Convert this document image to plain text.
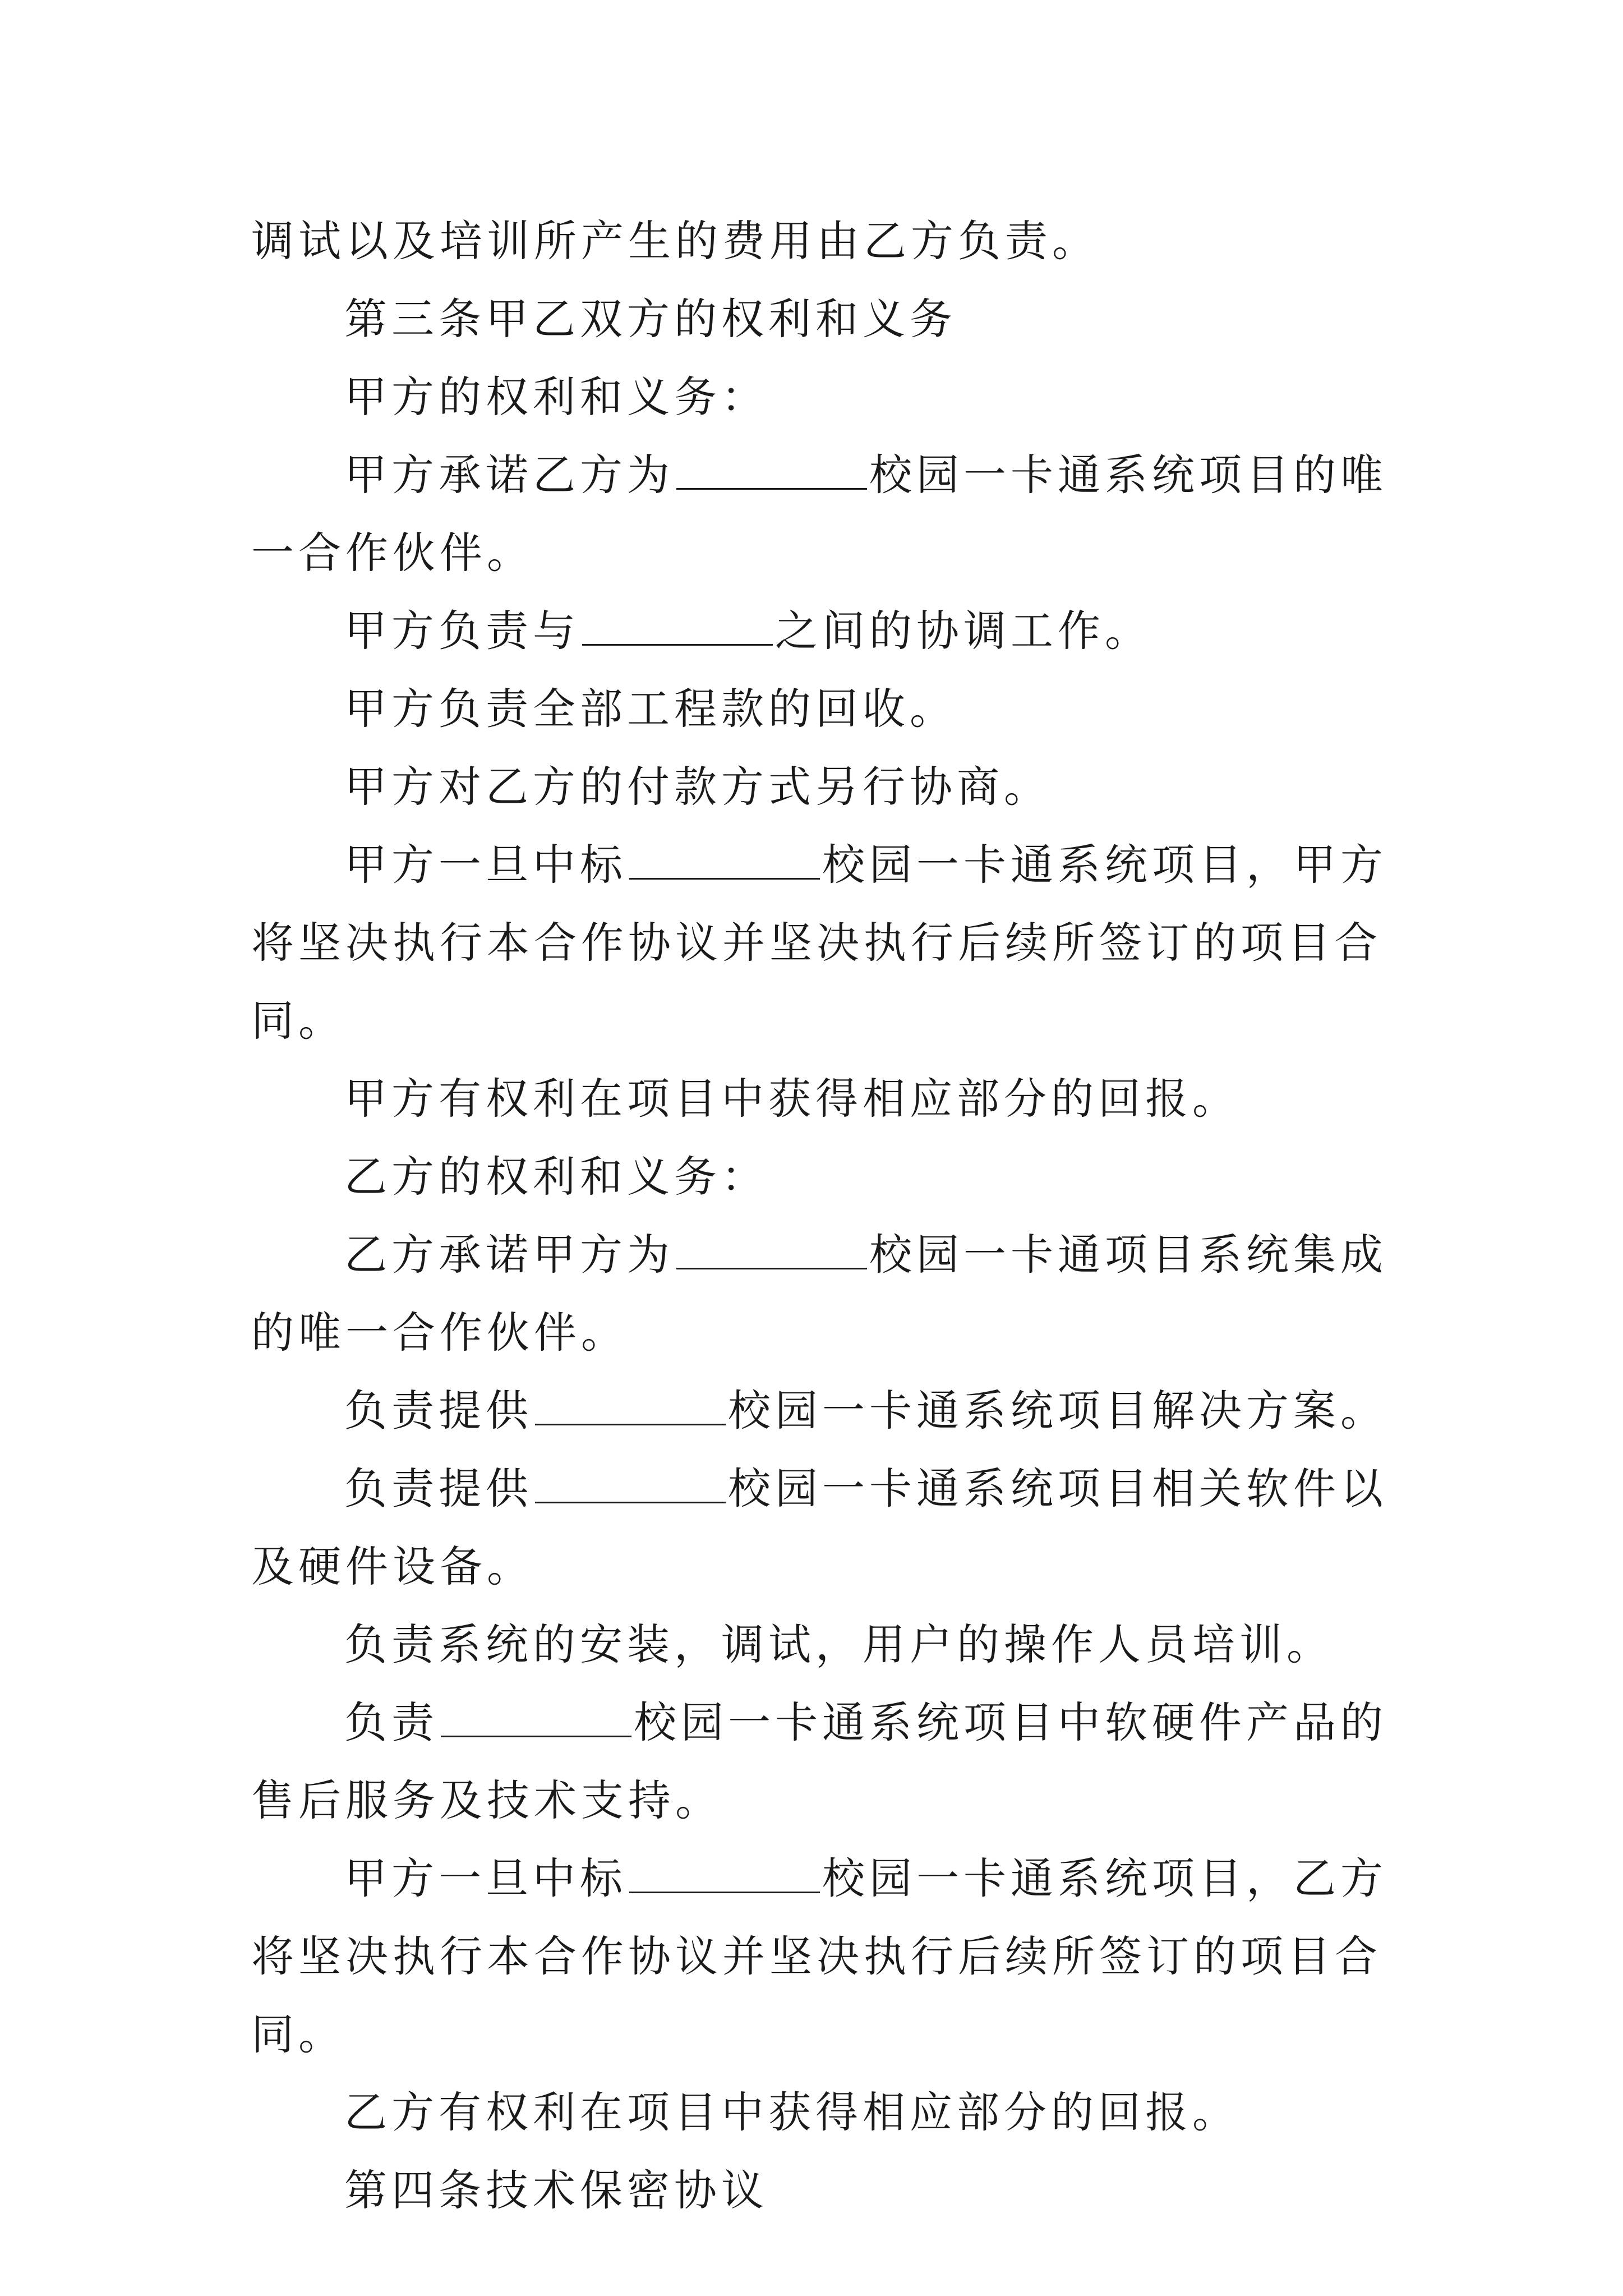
调试以及培训所产生的费用由乙方负责。

第三条甲乙双方的权利和义务

甲方的权利和义务：

甲方承诺乙方为	校园一卡通系统项目的唯一合作伙伴。

甲方负责与	之间的协调工作。

甲方负责全部工程款的回收。

甲方对乙方的付款方式另行协商。

甲方一旦中标	校园一卡通系统项目，甲方将坚决执行本合作协议并坚决执行后续所签订的项目合同。

甲方有权利在项目中获得相应部分的回报。

乙方的权利和义务：

乙方承诺甲方为	校园一卡通项目系统集成的唯一合作伙伴。

负责提供	校园一卡通系统项目解决方案。

负责提供	校园一卡通系统项目相关软件以及硬件设备。

负责系统的安装，调试，用户的操作人员培训。

负责	校园一卡通系统项目中软硬件产品的售后服务及技术支持。

甲方一旦中标	校园一卡通系统项目，乙方将坚决执行本合作协议并坚决执行后续所签订的项目合同。

乙方有权利在项目中获得相应部分的回报。

第四条技术保密协议
